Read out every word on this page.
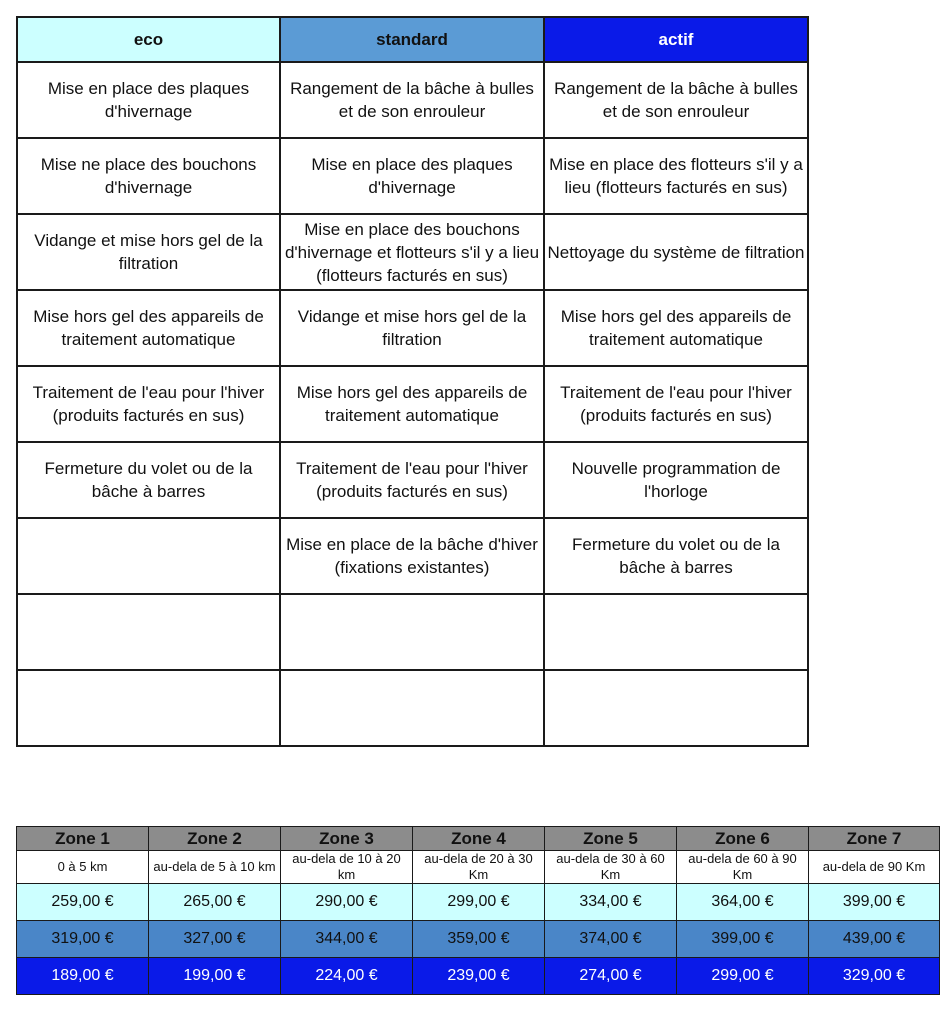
eco	standard	actif
Mise en place des plaques d'hivernage	Rangement de la bâche à bulles et de son enrouleur	Rangement de la bâche à bulles et de son enrouleur
Mise ne place des bouchons d'hivernage	Mise en place des plaques d'hivernage	Mise en place des flotteurs s'il y a lieu (flotteurs facturés en sus)
Vidange et mise hors gel de la filtration	Mise en place des bouchons d'hivernage et flotteurs s'il y a lieu (flotteurs facturés en sus)	Nettoyage du système de filtration
Mise hors gel des appareils de traitement automatique	Vidange et mise hors gel de la filtration	Mise hors gel des appareils de traitement automatique
Traitement de l'eau pour l'hiver (produits facturés en sus)	Mise hors gel des appareils de traitement automatique	Traitement de l'eau pour l'hiver (produits facturés en sus)
Fermeture du volet ou de la bâche à barres	Traitement de l'eau pour l'hiver (produits facturés en sus)	Nouvelle programmation de l'horloge
	Mise en place de la bâche d'hiver (fixations existantes)	Fermeture du volet ou de la bâche à barres

Zone 1	Zone 2	Zone 3	Zone 4	Zone 5	Zone 6	Zone 7
0 à 5 km	au-dela de 5 à 10 km	au-dela de 10 à 20 km	au-dela de 20 à 30 Km	au-dela de 30 à 60 Km	au-dela de 60 à 90 Km	au-dela de 90 Km
259,00 €	265,00 €	290,00 €	299,00 €	334,00 €	364,00 €	399,00 €
319,00 €	327,00 €	344,00 €	359,00 €	374,00 €	399,00 €	439,00 €
189,00 €	199,00 €	224,00 €	239,00 €	274,00 €	299,00 €	329,00 €
